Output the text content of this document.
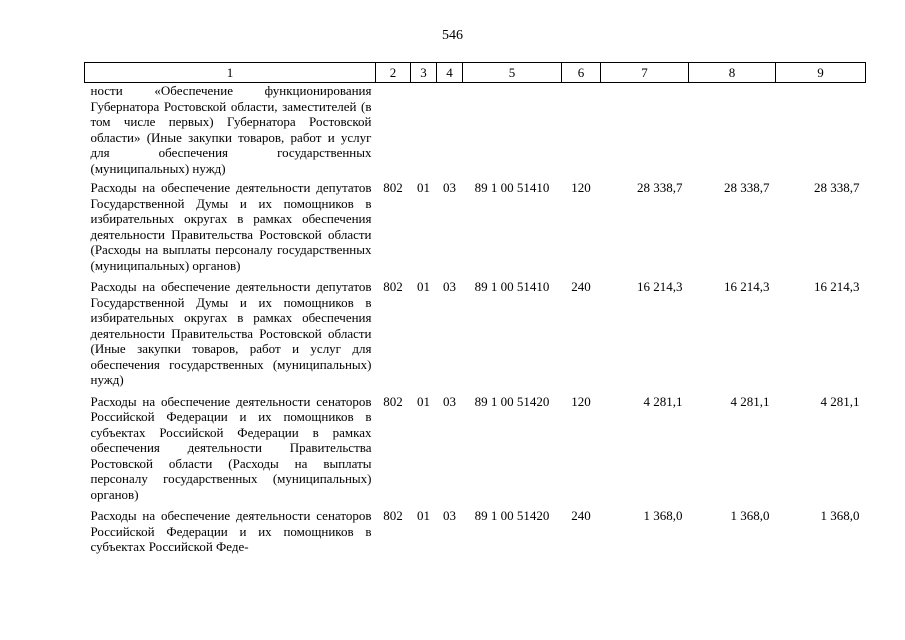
546
1	2	3	4	5	6	7	8	9
ности «Обеспечение функционирования Губернатора Ростовской области, заместителей (в том числе первых) Губернатора Ростовской области» (Иные закупки товаров, работ и услуг для обеспечения государственных (муниципальных) нужд)								
Расходы на обеспечение деятельности депутатов Государственной Думы и их помощников в избирательных округах в рамках обеспечения деятельности Правительства Ростовской области (Расходы на выплаты персоналу государственных (муниципальных) органов)	802	01	03	89 1 00 51410	120	28 338,7	28 338,7	28 338,7
Расходы на обеспечение деятельности депутатов Государственной Думы и их помощников в избирательных округах в рамках обеспечения деятельности Правительства Ростовской области (Иные закупки товаров, работ и услуг для обеспечения государственных (муниципальных) нужд)	802	01	03	89 1 00 51410	240	16 214,3	16 214,3	16 214,3
Расходы на обеспечение деятельности сенаторов Российской Федерации и их помощников в субъектах Российской Федерации в рамках обеспечения деятельности Правительства Ростовской области (Расходы на выплаты персоналу государственных (муниципальных) органов)	802	01	03	89 1 00 51420	120	4 281,1	4 281,1	4 281,1
Расходы на обеспечение деятельности сенаторов Российской Федерации и их помощников в субъектах Российской Феде-	802	01	03	89 1 00 51420	240	1 368,0	1 368,0	1 368,0
